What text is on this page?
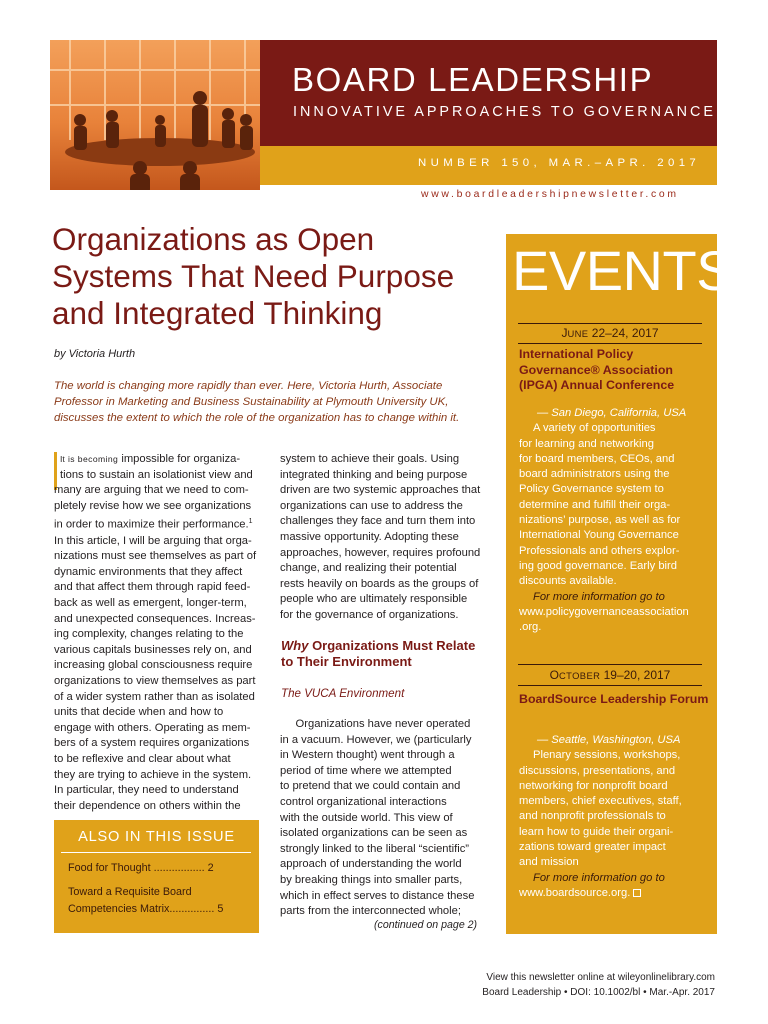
BOARD LEADERSHIP
INNOVATIVE APPROACHES TO GOVERNANCE
NUMBER 150, MAR.–APR. 2017
www.boardleadershipnewsletter.com
Organizations as Open Systems That Need Purpose and Integrated Thinking
by Victoria Hurth
The world is changing more rapidly than ever. Here, Victoria Hurth, Associate Professor in Marketing and Business Sustainability at Plymouth University UK, discusses the extent to which the role of the organization has to change within it.
It is becoming impossible for organiza-
tions to sustain an isolationist view and
many are arguing that we need to com-
pletely revise how we see organizations
in order to maximize their performance.$^1$
In this article, I will be arguing that orga-
nizations must see themselves as part of
dynamic environments that they affect
and that affect them through rapid feed-
back as well as emergent, longer-term,
and unexpected consequences. Increas-
ing complexity, changes relating to the
various capitals businesses rely on, and
increasing global consciousness require
organizations to view themselves as part
of a wider system rather than as isolated
units that decide when and how to
engage with others. Operating as mem-
bers of a system requires organizations
to be reflexive and clear about what
they are trying to achieve in the system.
In particular, they need to understand
their dependence on others within the
ALSO IN THIS ISSUE
Food for Thought ................. 2
Toward a Requisite Board
Competencies Matrix............... 5
system to achieve their goals. Using
integrated thinking and being purpose
driven are two systemic approaches that
organizations can use to address the
challenges they face and turn them into
massive opportunity. Adopting these
approaches, however, requires profound
change, and realizing their potential
rests heavily on boards as the groups of
people who are ultimately responsible
for the governance of organizations.
Why Organizations Must Relate to Their Environment
The VUCA Environment
Organizations have never operated
in a vacuum. However, we (particularly
in Western thought) went through a
period of time where we attempted
to pretend that we could contain and
control organizational interactions
with the outside world. This view of
isolated organizations can be seen as
strongly linked to the liberal “scientific”
approach of understanding the world
by breaking things into smaller parts,
which in effect serves to distance these
parts from the interconnected whole;
(continued on page 2)
EVENTS
JUNE 22–24, 2017
International Policy Governance® Association (IPGA) Annual Conference
— San Diego, California, USA
A variety of opportunities
for learning and networking
for board members, CEOs, and
board administrators using the
Policy Governance system to
determine and fulfill their orga-
nizations’ purpose, as well as for
International Young Governance
Professionals and others explor-
ing good governance. Early bird
discounts available.
For more information go to
www.policygovernanceassociation
.org.
OCTOBER 19–20, 2017
BoardSource Leadership Forum
— Seattle, Washington, USA
Plenary sessions, workshops,
discussions, presentations, and
networking for nonprofit board
members, chief executives, staff,
and nonprofit professionals to
learn how to guide their organi-
zations toward greater impact
and mission
For more information go to
www.boardsource.org.
View this newsletter online at wileyonlinelibrary.com
Board Leadership • DOI: 10.1002/bl • Mar.-Apr. 2017
